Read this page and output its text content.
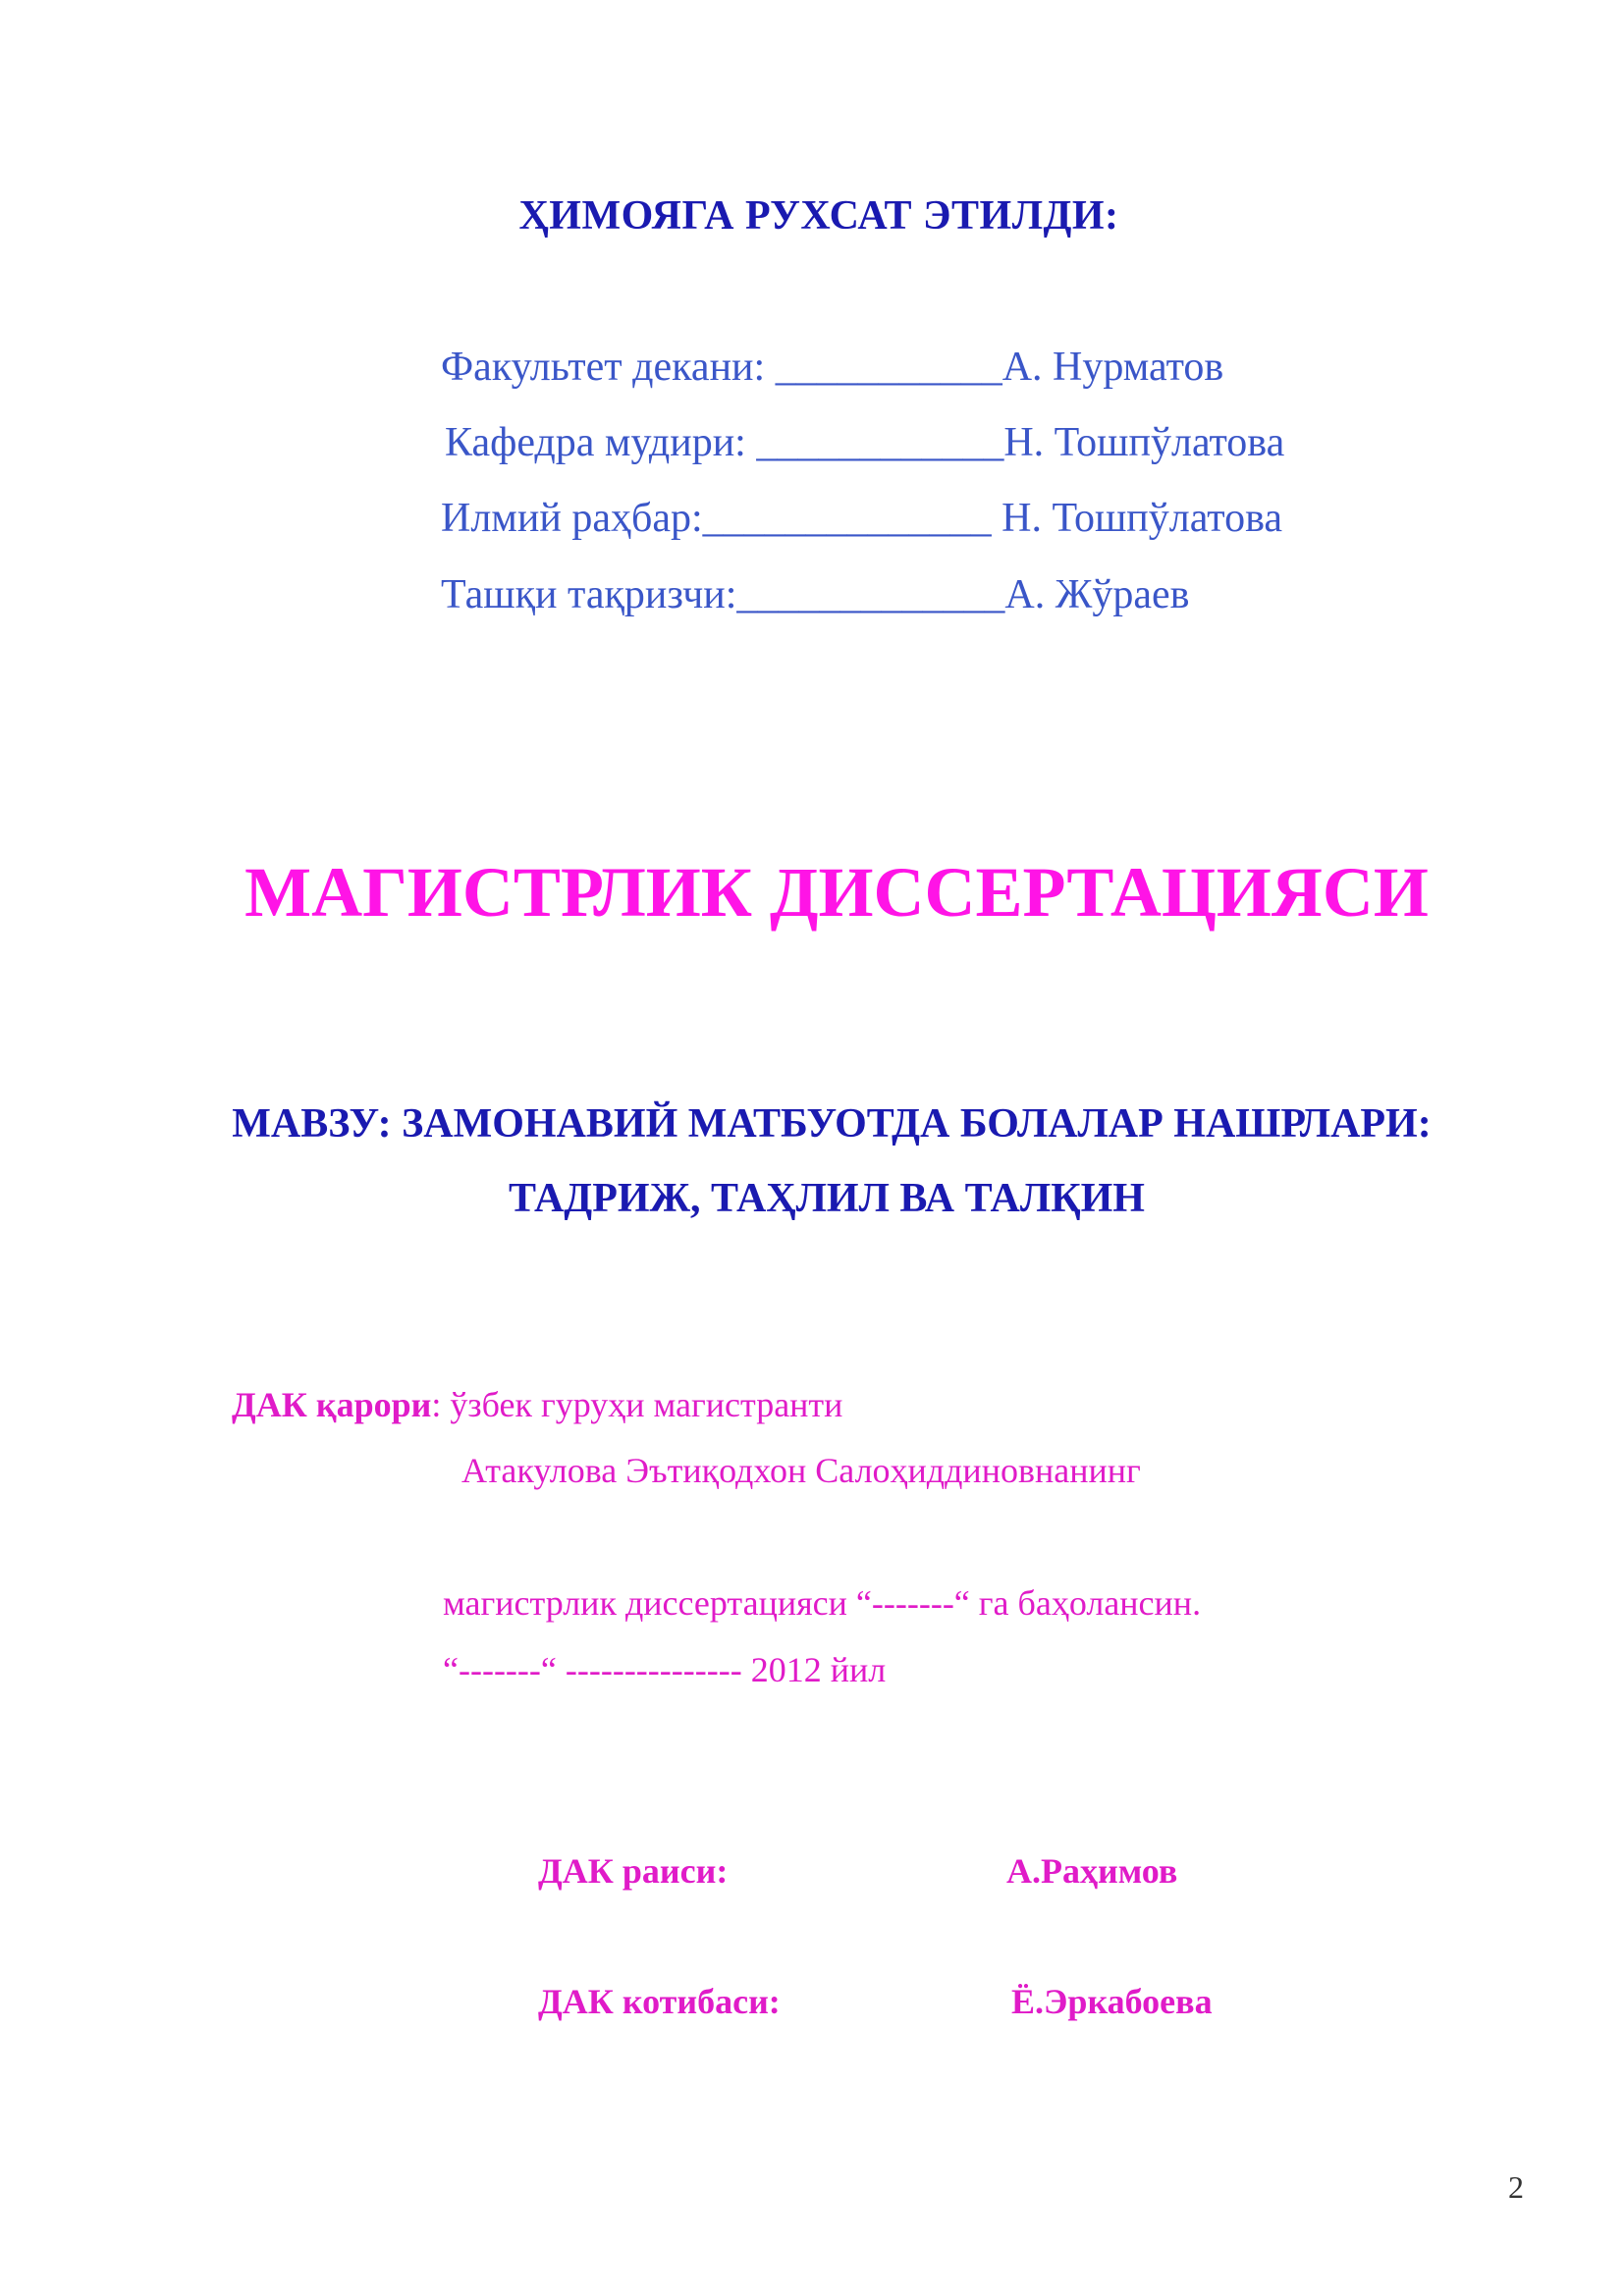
ҲИМОЯГА РУХСАТ ЭТИЛДИ:
Факультет декани: ___________А. Нурматов
Кафедра мудири: ____________Н. Тошпўлатова
Илмий раҳбар:______________ Н. Тошпўлатова
Ташқи тақризчи:_____________А. Жўраев
МАГИСТРЛИК ДИССЕРТАЦИЯСИ
МАВЗУ: ЗАМОНАВИЙ МАТБУОТДА БОЛАЛАР НАШРЛАРИ:
ТАДРИЖ, ТАҲЛИЛ ВА ТАЛҚИН
ДАК қарори: ўзбек гуруҳи магистранти
Атакулова Эътиқодхон Салоҳиддиновнанинг
магистрлик диссертацияси “-------“ га баҳолансин.
“-------“ --------------- 2012 йил
ДАК раиси:	А.Раҳимов
ДАК котибаси:	Ё.Эркабоева
2
